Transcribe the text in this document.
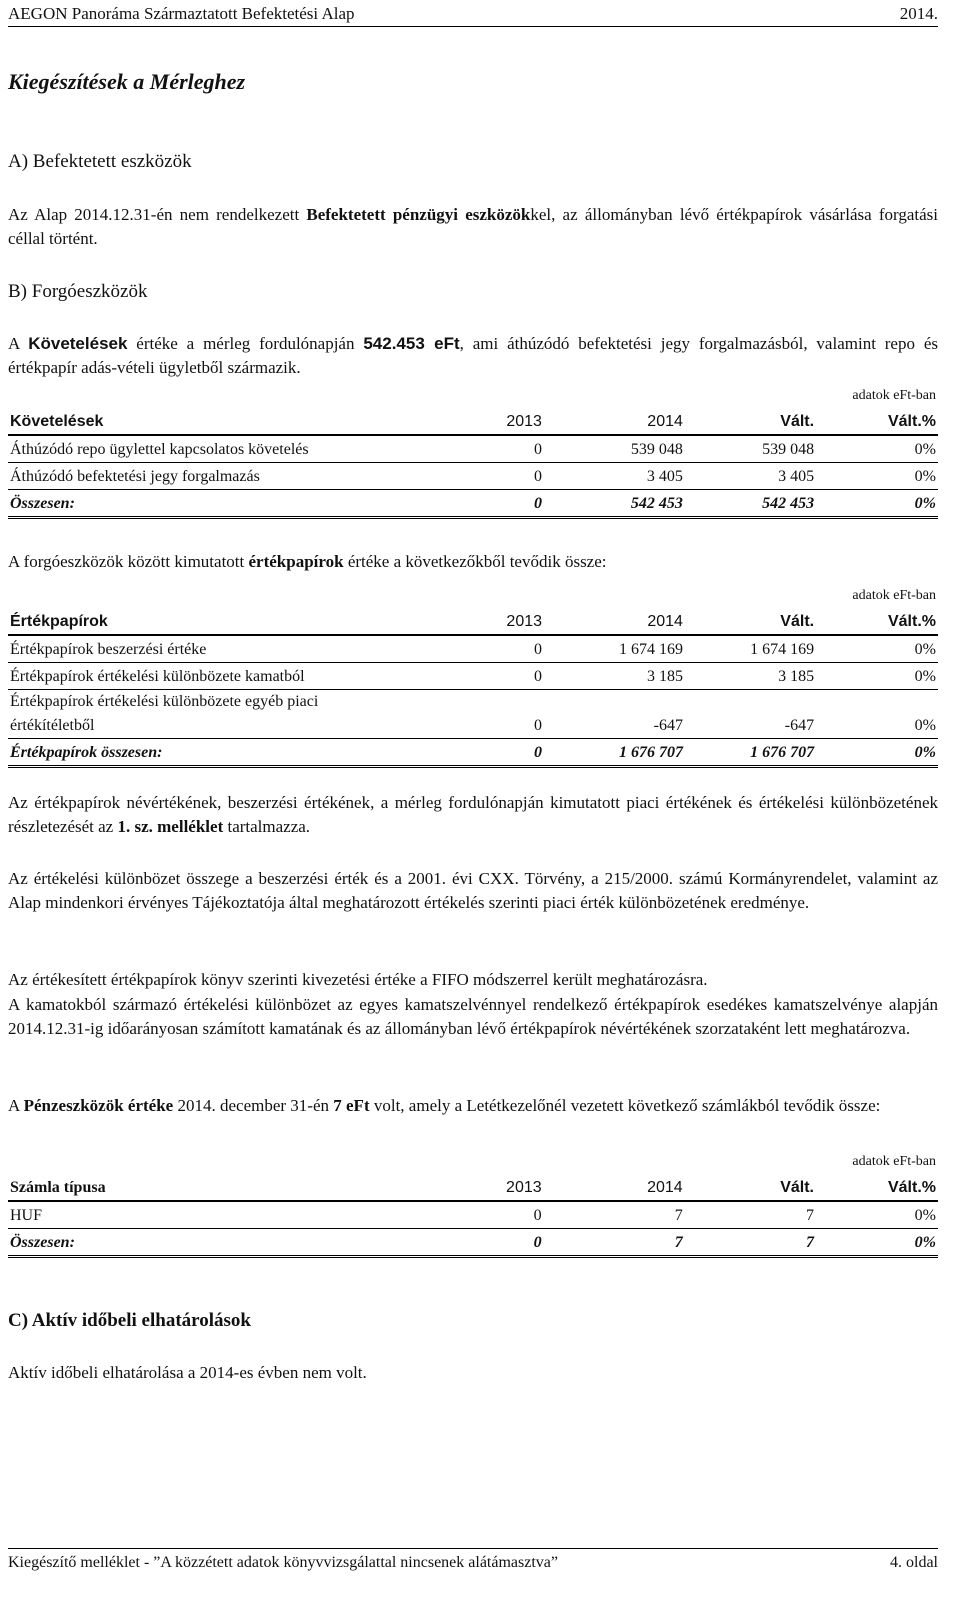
AEGON Panoráma Származtatott Befektetési Alap	2014.
Kiegészítések a Mérleghez
A) Befektetett eszközök
Az Alap 2014.12.31-én nem rendelkezett Befektetett pénzügyi eszközökkel, az állományban lévő értékpapírok vásárlása forgatási céllal történt.
B) Forgóeszközök
A Követelések értéke a mérleg fordulónapján 542.453 eFt, ami áthúzódó befektetési jegy forgalmazásból, valamint repo és értékpapír adás-vételi ügyletből származik.
adatok eFt-ban				
Követelések	2013	2014	Vált.	Vált.%
Áthúzódó repo ügylettel kapcsolatos követelés	0	539 048	539 048	0%
Áthúzódó befektetési jegy forgalmazás	0	3 405	3 405	0%
Összesen:	0	542 453	542 453	0%
A forgóeszközök között kimutatott értékpapírok értéke a következőkből tevődik össze:
adatok eFt-ban				
Értékpapírok	2013	2014	Vált.	Vált.%
Értékpapírok beszerzési értéke	0	1 674 169	1 674 169	0%
Értékpapírok értékelési különbözete kamatból	0	3 185	3 185	0%
Értékpapírok értékelési különbözete egyéb piaci
értékítéletből	0	-647	-647	0%
Értékpapírok összesen:	0	1 676 707	1 676 707	0%
Az értékpapírok névértékének, beszerzési értékének, a mérleg fordulónapján kimutatott piaci értékének és értékelési különbözetének részletezését az 1. sz. melléklet tartalmazza.
Az értékelési különbözet összege a beszerzési érték és a 2001. évi CXX. Törvény, a 215/2000. számú Kormányrendelet, valamint az Alap mindenkori érvényes Tájékoztatója által meghatározott értékelés szerinti piaci érték különbözetének eredménye.
Az értékesített értékpapírok könyv szerinti kivezetési értéke a FIFO módszerrel került meghatározásra.
A kamatokból származó értékelési különbözet az egyes kamatszelvénnyel rendelkező értékpapírok esedékes kamatszelvénye alapján 2014.12.31-ig időarányosan számított kamatának és az állományban lévő értékpapírok névértékének szorzataként lett meghatározva.
A Pénzeszközök értéke 2014. december 31-én 7 eFt volt, amely a Letétkezelőnél vezetett következő számlákból tevődik össze:
adatok eFt-ban				
Számla típusa	2013	2014	Vált.	Vált.%
HUF	0	7	7	0%
Összesen:	0	7	7	0%
C) Aktív időbeli elhatárolások
Aktív időbeli elhatárolása a 2014-es évben nem volt.
Kiegészítő melléklet - ”A közzétett adatok könyvvizsgálattal nincsenek alátámasztva”	4. oldal
